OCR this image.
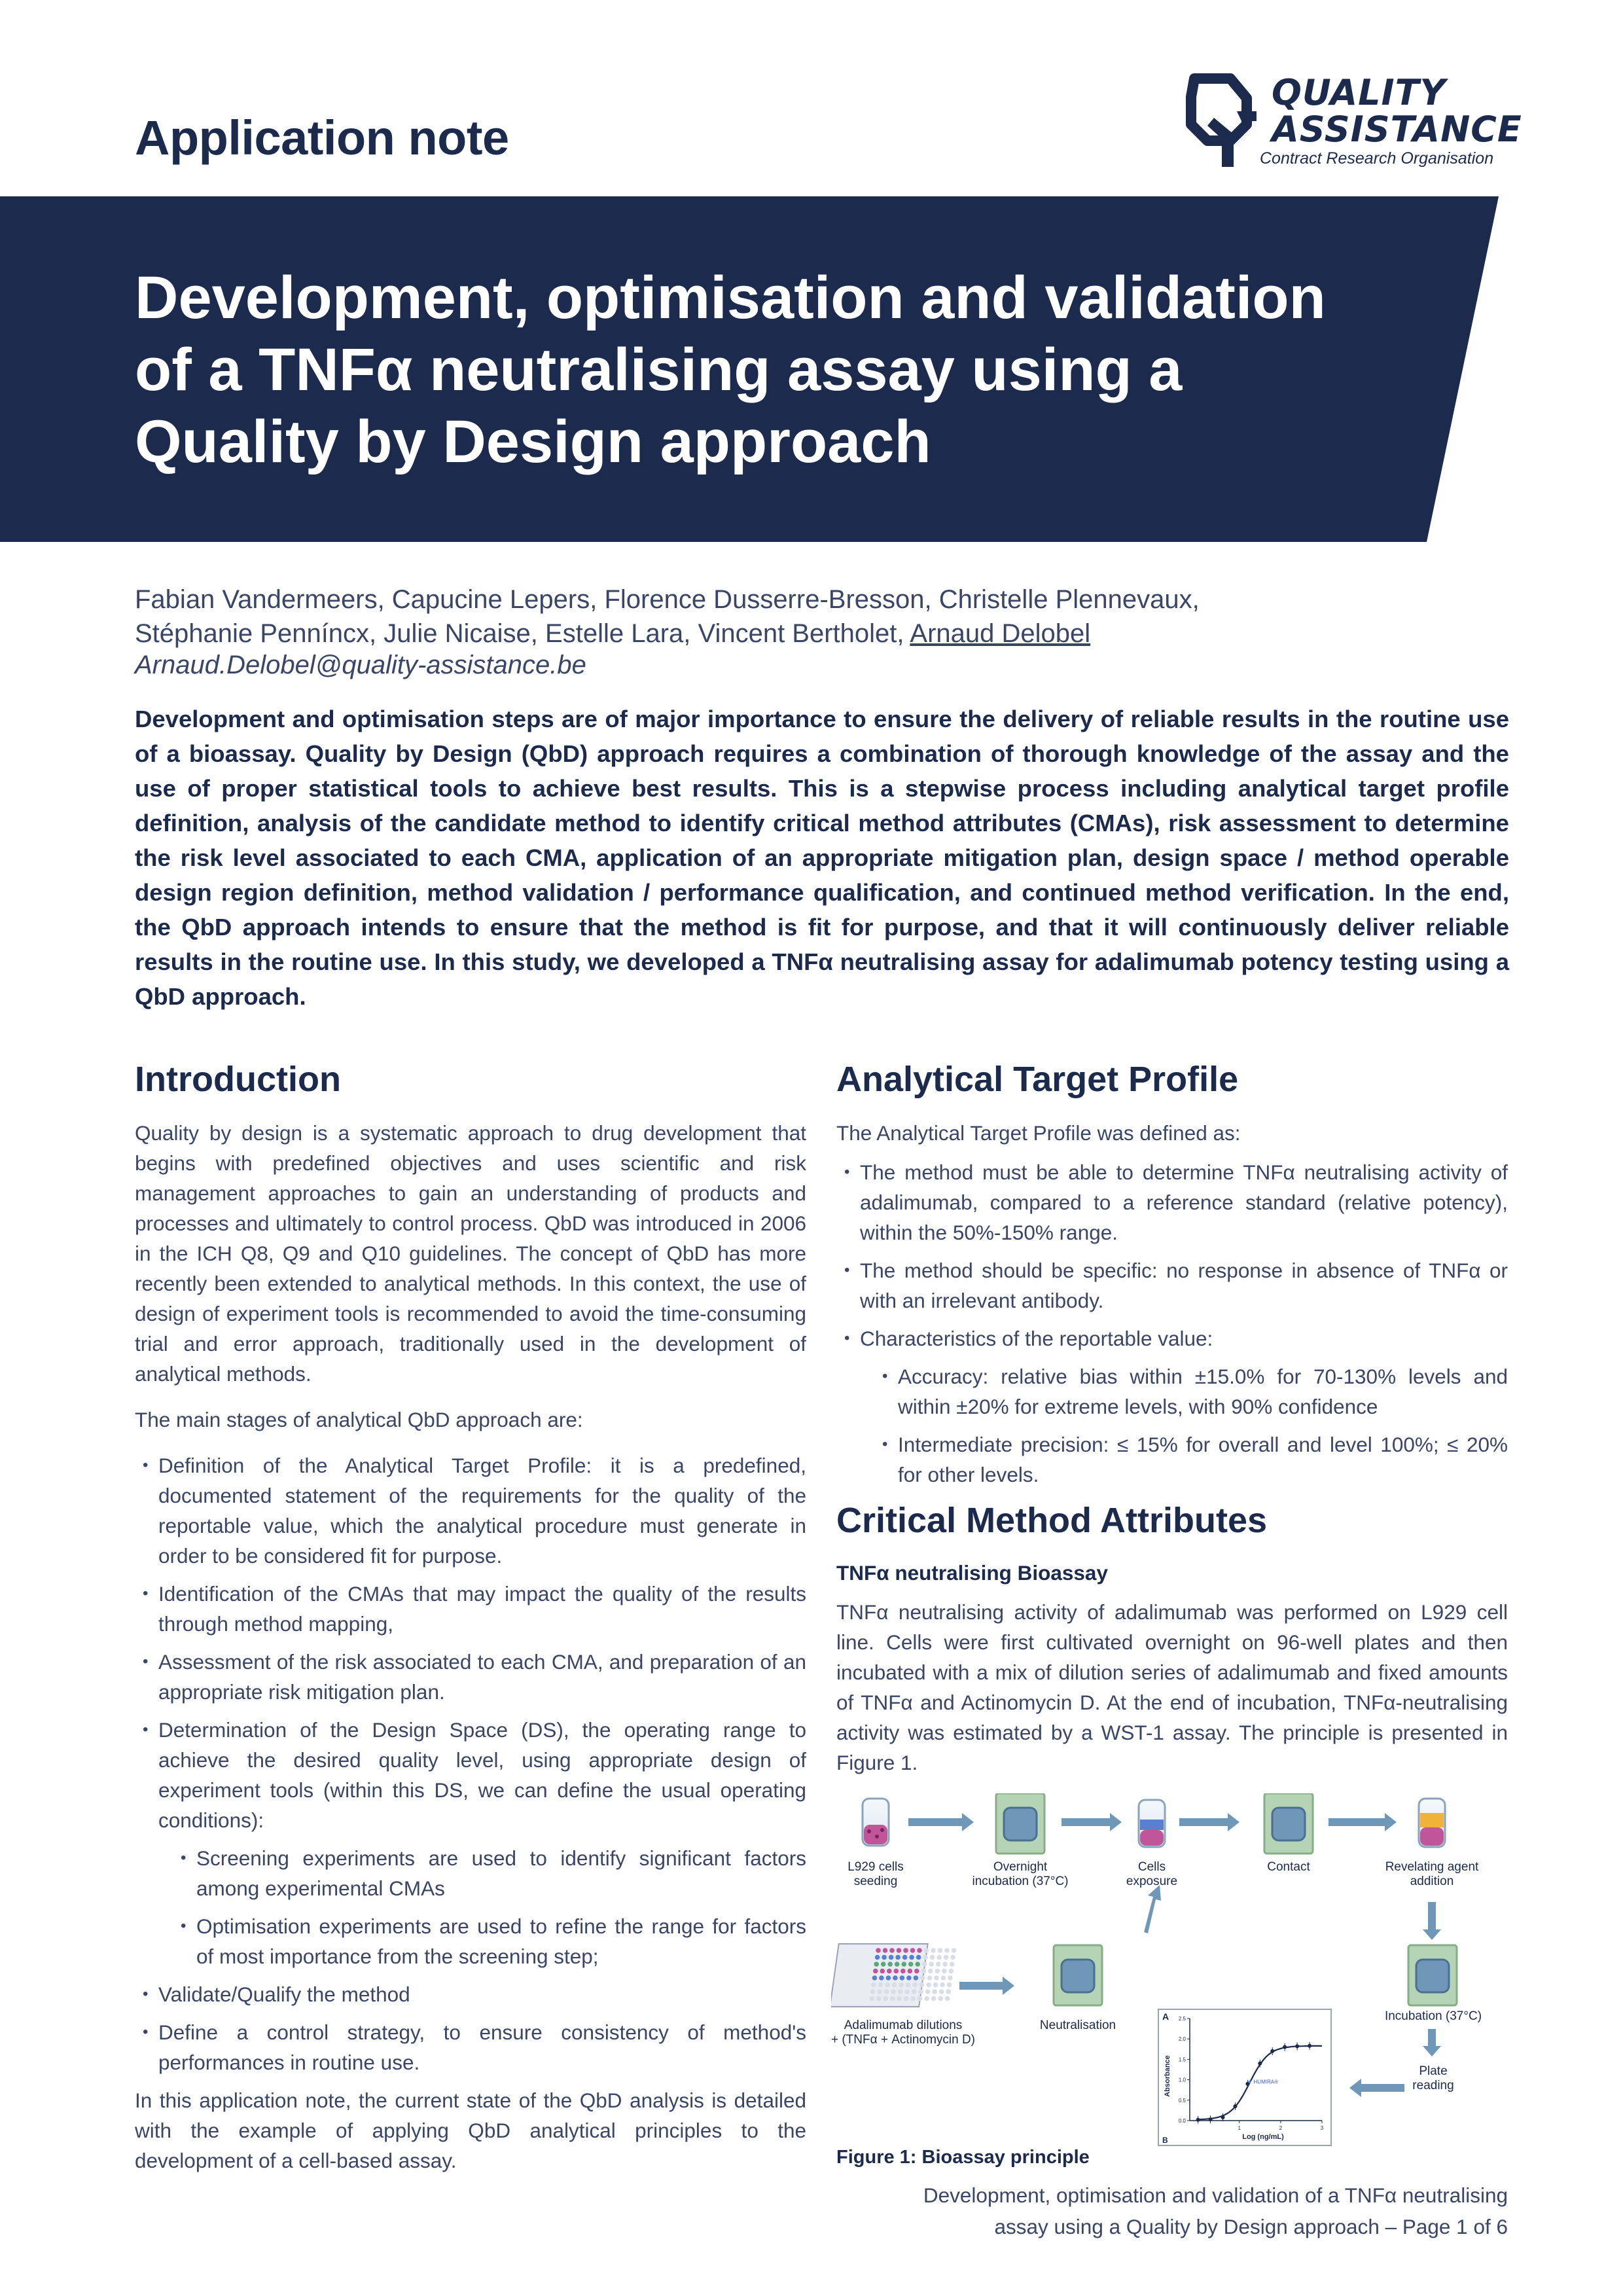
Application note
QUALITY
ASSISTANCE
Contract Research Organisation
Development, optimisation and validation
of a TNFα neutralising assay using a
Quality by Design approach
Fabian Vandermeers, Capucine Lepers, Florence Dusserre-Bresson, Christelle Plennevaux,
Stéphanie Penníncx, Julie Nicaise, Estelle Lara, Vincent Bertholet, Arnaud Delobel
Arnaud.Delobel@quality-assistance.be
Development and optimisation steps are of major importance to ensure the delivery of reliable results in the routine use of a bioassay. Quality by Design (QbD) approach requires a combination of thorough knowledge of the assay and the use of proper statistical tools to achieve best results. This is a stepwise process including analytical target profile definition, analysis of the candidate method to identify critical method attributes (CMAs), risk assessment to determine the risk level associated to each CMA, application of an appropriate mitigation plan, design space / method operable design region definition, method validation / performance qualification, and continued method verification. In the end, the QbD approach intends to ensure that the method is fit for purpose, and that it will continuously deliver reliable results in the routine use. In this study, we developed a TNFα neutralising assay for adalimumab potency testing using a QbD approach.
Introduction

Quality by design is a systematic approach to drug development that begins with predefined objectives and uses scientific and risk management approaches to gain an understanding of products and processes and ultimately to control process. QbD was introduced in 2006 in the ICH Q8, Q9 and Q10 guidelines. The concept of QbD has more recently been extended to analytical methods. In this context, the use of design of experiment tools is recommended to avoid the time-consuming trial and error approach, traditionally used in the development of analytical methods.

The main stages of analytical QbD approach are:

• Definition of the Analytical Target Profile: it is a predefined, documented statement of the requirements for the quality of the reportable value, which the analytical procedure must generate in order to be considered fit for purpose.
• Identification of the CMAs that may impact the quality of the results through method mapping,
• Assessment of the risk associated to each CMA, and preparation of an appropriate risk mitigation plan.
• Determination of the Design Space (DS), the operating range to achieve the desired quality level, using appropriate design of experiment tools (within this DS, we can define the usual operating conditions):
• Screening experiments are used to identify significant factors among experimental CMAs
• Optimisation experiments are used to refine the range for factors of most importance from the screening step;
• Validate/Qualify the method
• Define a control strategy, to ensure consistency of method's performances in routine use.

In this application note, the current state of the QbD analysis is detailed with the example of applying QbD analytical principles to the development of a cell-based assay.

Analytical Target Profile

The Analytical Target Profile was defined as:

• The method must be able to determine TNFα neutralising activity of adalimumab, compared to a reference standard (relative potency), within the 50%-150% range.
• The method should be specific: no response in absence of TNFα or with an irrelevant antibody.
• Characteristics of the reportable value:
• Accuracy: relative bias within ±15.0% for 70-130% levels and within ±20% for extreme levels, with 90% confidence
• Intermediate precision: ≤ 15% for overall and level 100%; ≤ 20% for other levels.
Critical Method Attributes
TNFα neutralising Bioassay
TNFα neutralising activity of adalimumab was performed on L929 cell line. Cells were first cultivated overnight on 96-well plates and then incubated with a mix of dilution series of adalimumab and fixed amounts of TNFα and Actinomycin D. At the end of incubation, TNFα-neutralising activity was estimated by a WST-1 assay. The principle is presented in Figure 1.
L929 cells seeding
Overnight incubation (37°C)
Cells exposure
Contact	Revelating agent addition
Adalimumab dilutions + (TNFα + Actinomycin D)
Neutralisation
Incubation (37°C)
Plate reading
A
B
Absorbance
Log (ng/mL)
2.5
2.0
1.5
1.0
0.5
0.0
1	2	3
HUMIRA®
Figure 1: Bioassay principle
Development, optimisation and validation of a TNFα neutralising
assay using a Quality by Design approach – Page 1 of 6
